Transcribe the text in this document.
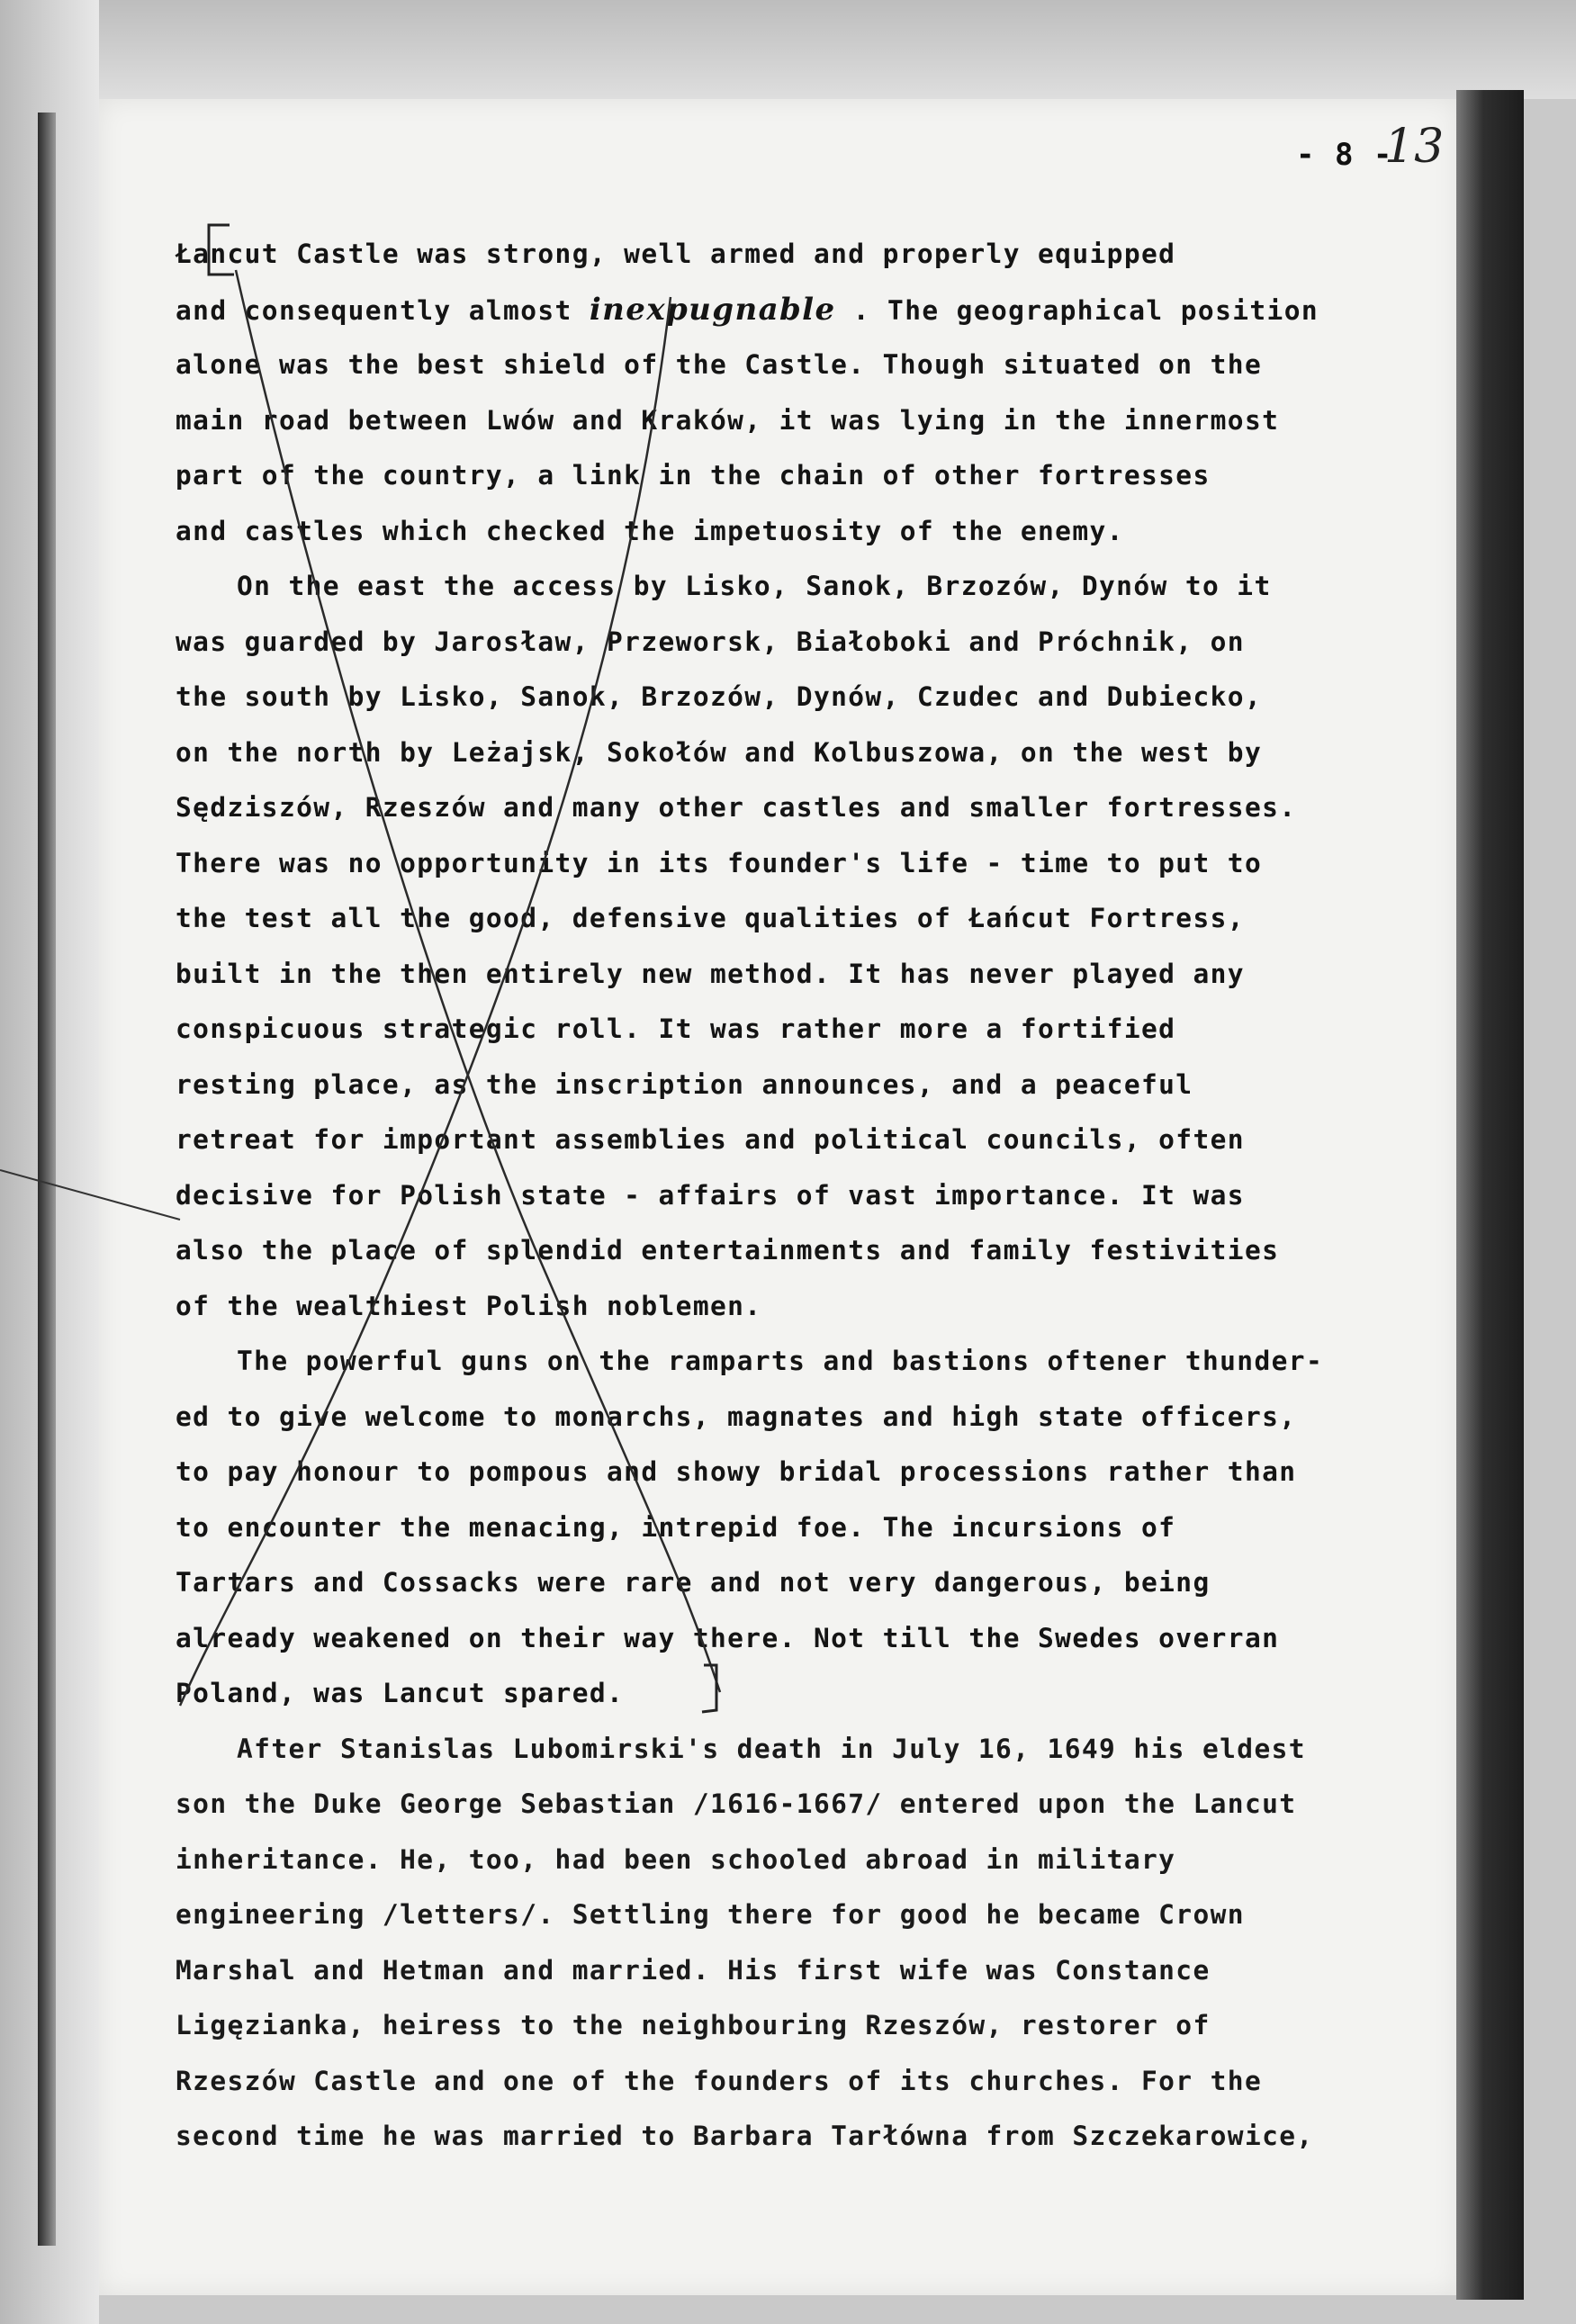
- 8 -
Łancut Castle was strong, well armed and properly equipped
and consequently almost inexpugnable . The geographical position
alone was the best shield of the Castle. Though situated on the
main road between Lwów and Kraków, it was lying in the innermost
part of the country, a link in the chain of other fortresses
and castles which checked the impetuosity of the enemy.
On the east the access by Lisko, Sanok, Brzozów, Dynów to it
was guarded by Jarosław, Przeworsk, Białoboki and Próchnik, on
the south by Lisko, Sanok, Brzozów, Dynów, Czudec and Dubiecko,
on the north by Leżajsk, Sokołów and Kolbuszowa, on the west by
Sędziszów, Rzeszów and many other castles and smaller fortresses.
There was no opportunity in its founder's life - time to put to
the test all the good, defensive qualities of Łańcut Fortress,
built in the then entirely new method. It has never played any
conspicuous strategic roll. It was rather more a fortified
resting place, as the inscription announces, and a peaceful
retreat for important assemblies and political councils, often
decisive for Polish state - affairs of vast importance. It was
also the place of splendid entertainments and family festivities
of the wealthiest Polish noblemen.
The powerful guns on the ramparts and bastions oftener thunder-
ed to give welcome to monarchs, magnates and high state officers,
to pay honour to pompous and showy bridal processions rather than
to encounter the menacing, intrepid foe. The incursions of
Tartars and Cossacks were rare and not very dangerous, being
already weakened on their way there. Not till the Swedes overran
Poland, was Lancut spared.
After Stanislas Lubomirski's death in July 16, 1649 his eldest
son the Duke George Sebastian /1616-1667/ entered upon the Lancut
inheritance. He, too, had been schooled abroad in military
engineering /letters/. Settling there for good he became Crown
Marshal and Hetman and married. His first wife was Constance
Ligęzianka, heiress to the neighbouring Rzeszów, restorer of
Rzeszów Castle and one of the founders of its churches. For the
second time he was married to Barbara Tarłówna from Szczekarowice,
13
